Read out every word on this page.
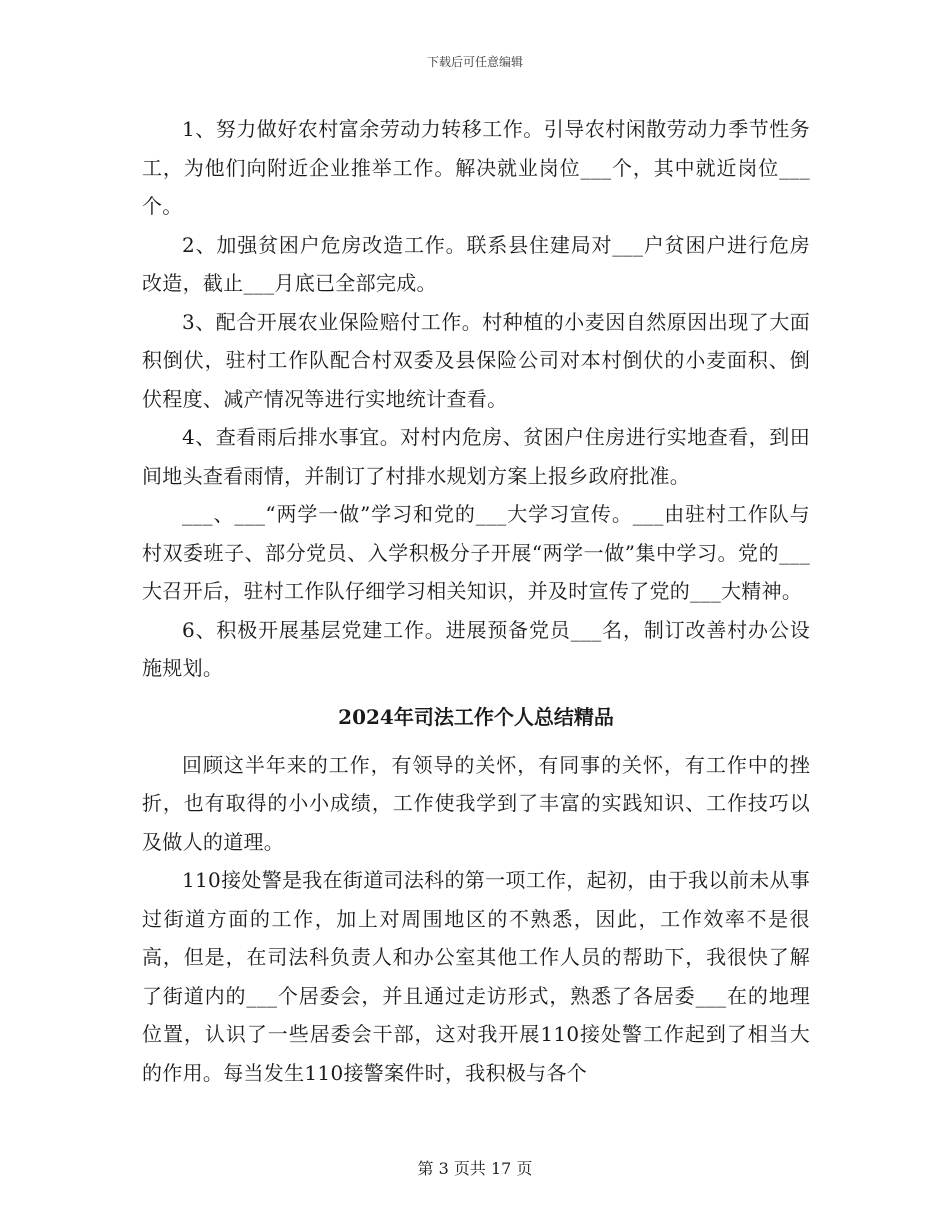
下载后可任意编辑

1、努力做好农村富余劳动力转移工作。引导农村闲散劳动力季节性务工，为他们向附近企业推举工作。解决就业岗位___个，其中就近岗位___个。

2、加强贫困户危房改造工作。联系县住建局对___户贫困户进行危房改造，截止___月底已全部完成。

3、配合开展农业保险赔付工作。村种植的小麦因自然原因出现了大面积倒伏，驻村工作队配合村双委及县保险公司对本村倒伏的小麦面积、倒伏程度、减产情况等进行实地统计查看。

4、查看雨后排水事宜。对村内危房、贫困户住房进行实地查看，到田间地头查看雨情，并制订了村排水规划方案上报乡政府批准。

___、___“两学一做”学习和党的___大学习宣传。___由驻村工作队与村双委班子、部分党员、入学积极分子开展“两学一做”集中学习。党的___大召开后，驻村工作队仔细学习相关知识，并及时宣传了党的___大精神。

6、积极开展基层党建工作。进展预备党员___名，制订改善村办公设施规划。

2024年司法工作个人总结精品

回顾这半年来的工作，有领导的关怀，有同事的关怀，有工作中的挫折，也有取得的小小成绩，工作使我学到了丰富的实践知识、工作技巧以及做人的道理。

110接处警是我在街道司法科的第一项工作，起初，由于我以前未从事过街道方面的工作，加上对周围地区的不熟悉，因此，工作效率不是很高，但是，在司法科负责人和办公室其他工作人员的帮助下，我很快了解了街道内的___个居委会，并且通过走访形式，熟悉了各居委___在的地理位置，认识了一些居委会干部，这对我开展110接处警工作起到了相当大的作用。每当发生110接警案件时，我积极与各个

第 3 页共 17 页
